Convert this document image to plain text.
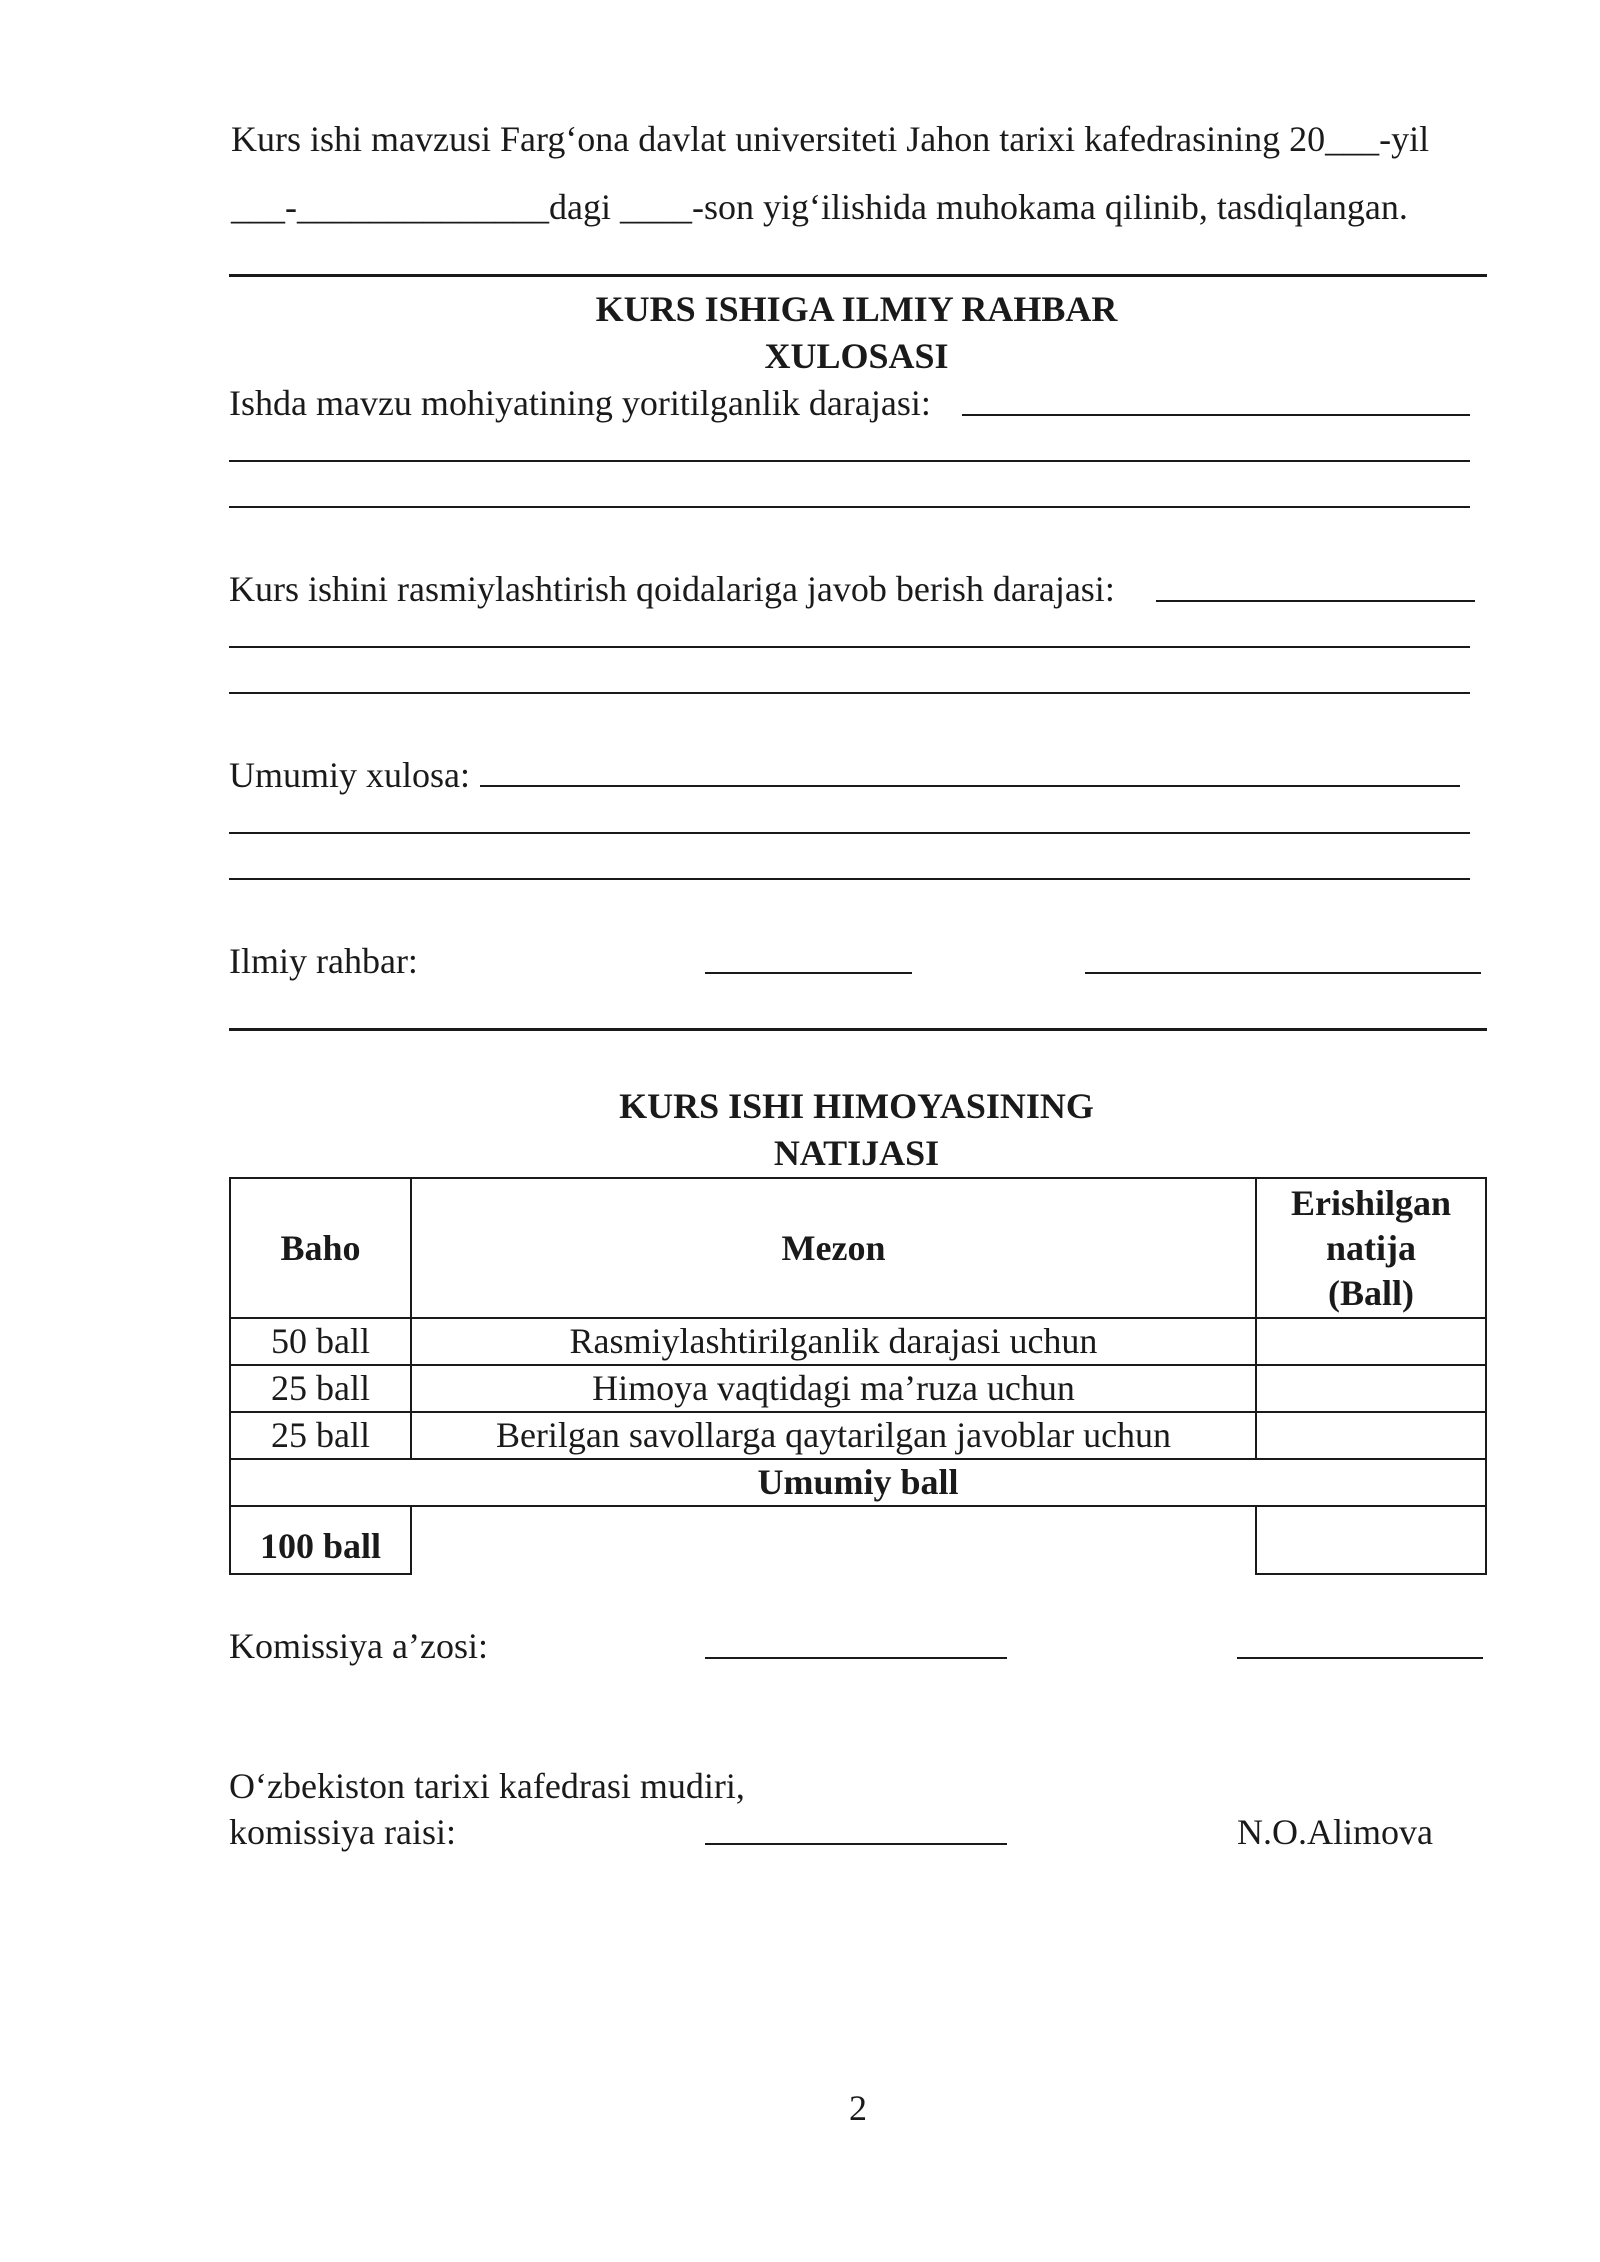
Kurs ishi mavzusi Farg‘ona davlat universiteti Jahon tarixi kafedrasining 20___-yil
___-______________dagi ____-son yig‘ilishida muhokama qilinib, tasdiqlangan.
KURS ISHIGA ILMIY RAHBAR
XULOSASI
Ishda mavzu mohiyatining yoritilganlik darajasi:
Kurs ishini rasmiylashtirish qoidalariga javob berish darajasi:
Umumiy xulosa:
Ilmiy rahbar:
KURS ISHI HIMOYASINING
NATIJASI
Baho	Mezon	Erishilgan
natija
(Ball)

50 ball	Rasmiylashtirilganlik darajasi uchun	
25 ball	Himoya vaqtidagi ma’ruza uchun	
25 ball	Berilgan savollarga qaytarilgan javoblar uchun	
Umumiy ball		
100 ball		
Komissiya a’zosi:
O‘zbekiston tarixi kafedrasi mudiri,
komissiya raisi:	N.O.Alimova
2
